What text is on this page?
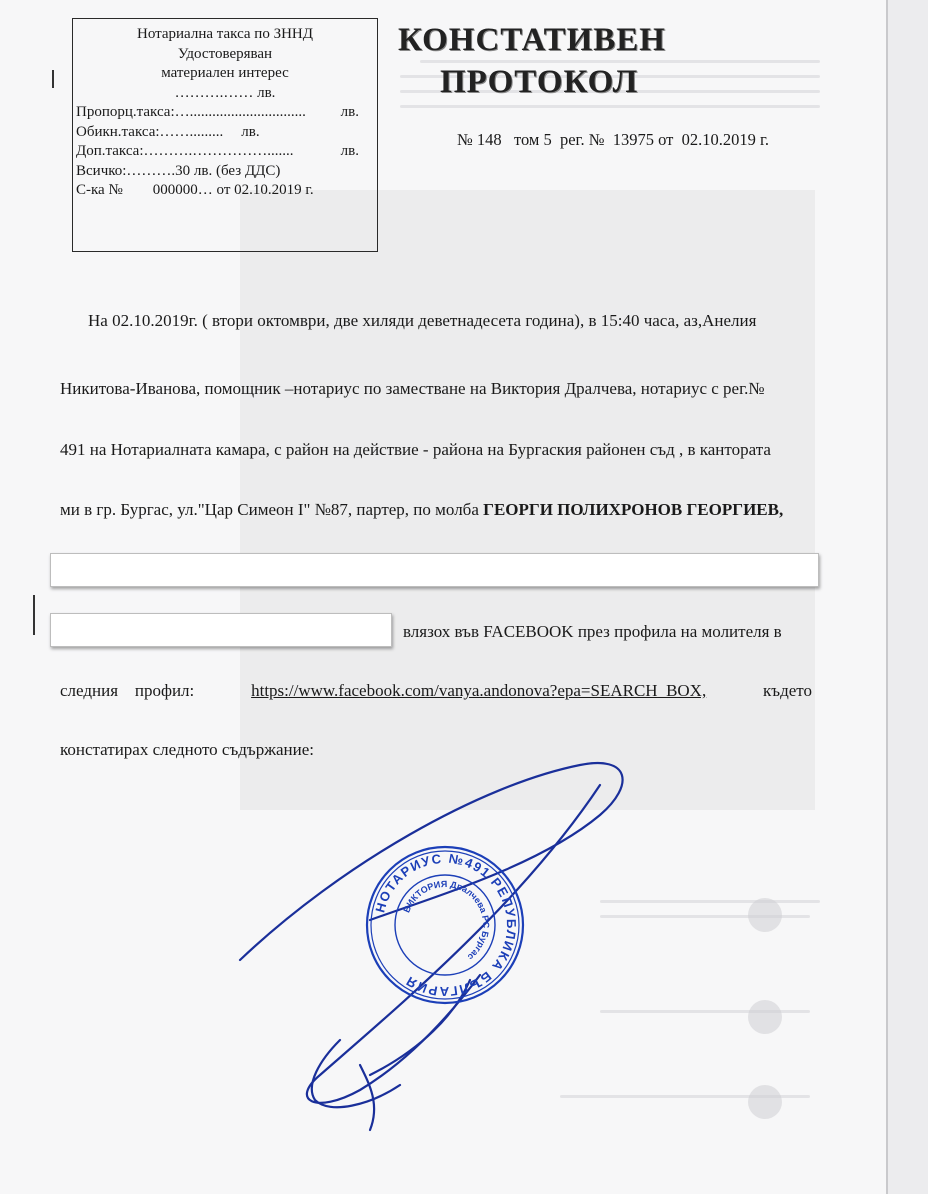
Нотариална такса по ЗННД
Удостоверяван
материален интерес
……….…… лв.
Пропорц.такса:…............................... лв.
Обикн.такса:……......... лв.
Доп.такса:……….…………….......	лв.
Всичко:……….30 лв. (без ДДС)
С-ка №        000000… от 02.10.2019 г.
КОНСТАТИВЕН
ПРОТОКОЛ
№ 148   том 5  рег. №  13975 от  02.10.2019 г.
На 02.10.2019г. ( втори октомври, две хиляди деветнадесета година), в 15:40 часа, аз,Анелия
Никитова-Иванова, помощник –нотариус по заместване на Виктория Дралчева, нотариус с рег.№
491 на Нотариалната камара, с район на действие - района на Бургаския районен съд , в кантората
ми в гр. Бургас, ул."Цар Симеон I" №87, партер, по молба ГЕОРГИ ПОЛИХРОНОВ ГЕОРГИЕВ,
влязох във FACEBOOK през профила на молителя в
следния профил:	https://www.facebook.com/vanya.andonova?epa=SEARCH_BOX,	където
констатирах следното съдържание:
НОТАРИУС №491 РЕПУБЛИКА БЪЛГАРИЯ
ВИКТОРИЯ Дралчева РС Бургас
